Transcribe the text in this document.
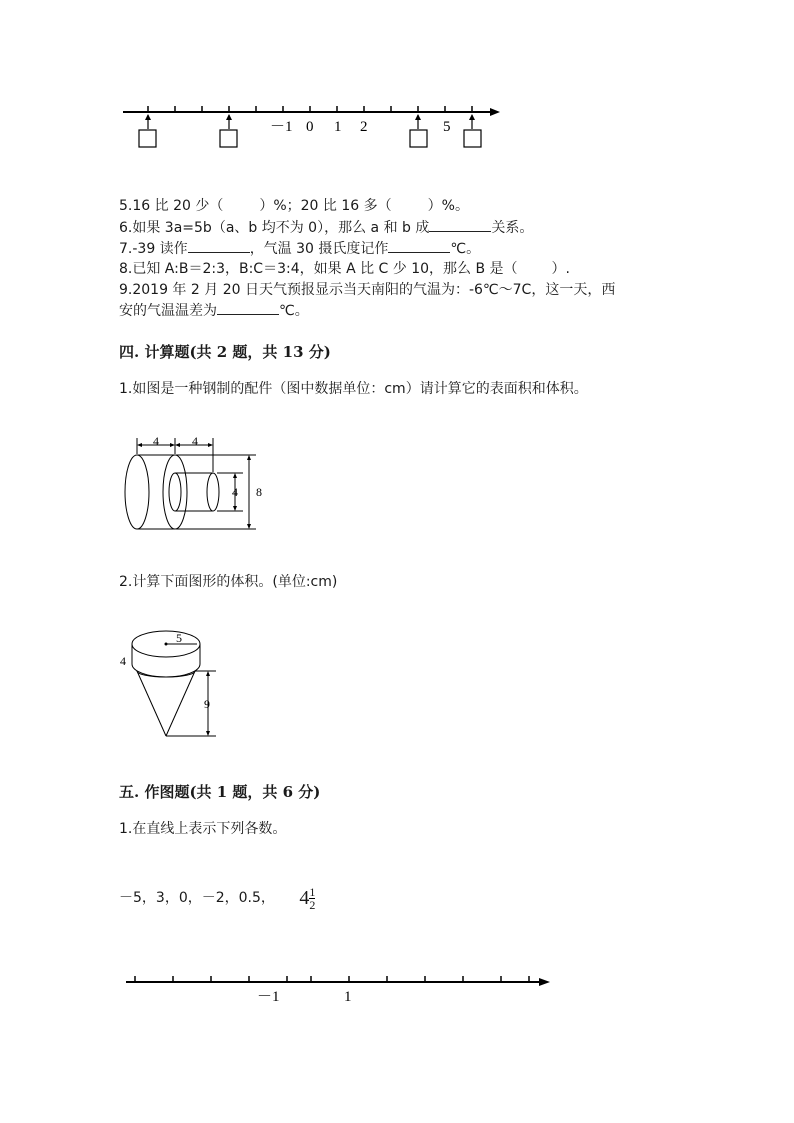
－1 0 1 2	5
5.16 比 20 少（	）%；20 比 16 多（	）%。
6.如果 3a=5b（a、b 均不为 0），那么 a 和 b 成	关系。
7.-39 读作	，气温 30 摄氏度记作	℃。
8.已知 A:B＝2:3，B:C＝3:4，如果 A 比 C 少 10，那么 B 是（ ）.
9.2019 年 2 月 20 日天气预报显示当天南阳的气温为：-6℃～7C，这一天，西
安的气温温差为	℃。
四. 计算题(共 2 题，共 13 分)
1.如图是一种钢制的配件（图中数据单位：cm）请计算它的表面积和体积。
4	4
4 8
2.计算下面图形的体积。(单位:cm)
5
4
9
五. 作图题(共 1 题，共 6 分)
1.在直线上表示下列各数。
－5，3，0，－2，0.5， $4 \frac{1}{2}$
－1	1
